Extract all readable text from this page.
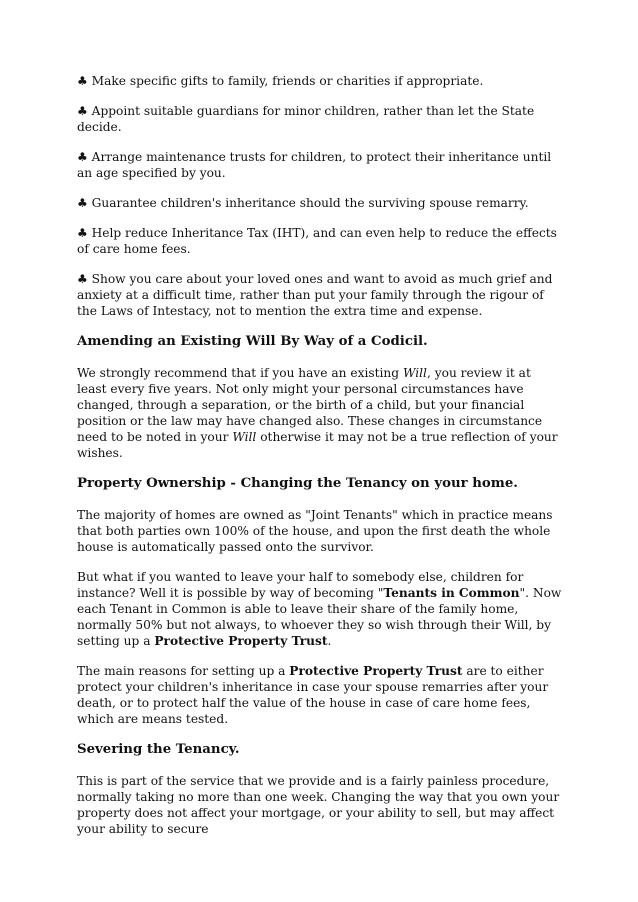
♣ Make specific gifts to family, friends or charities if appropriate.

♣ Appoint suitable guardians for minor children, rather than let the State decide.

♣ Arrange maintenance trusts for children, to protect their inheritance until an age specified by you.

♣ Guarantee children's inheritance should the surviving spouse remarry.

♣ Help reduce Inheritance Tax (IHT), and can even help to reduce the effects of care home fees.

♣ Show you care about your loved ones and want to avoid as much grief and anxiety at a difficult time, rather than put your family through the rigour of the Laws of Intestacy, not to mention the extra time and expense.

Amending an Existing Will By Way of a Codicil.

We strongly recommend that if you have an existing Will, you review it at least every five years. Not only might your personal circumstances have changed, through a separation, or the birth of a child, but your financial position or the law may have changed also. These changes in circumstance need to be noted in your Will otherwise it may not be a true reflection of your wishes.

Property Ownership - Changing the Tenancy on your home.

The majority of homes are owned as "Joint Tenants" which in practice means that both parties own 100% of the house, and upon the first death the whole house is automatically passed onto the survivor.

But what if you wanted to leave your half to somebody else, children for instance? Well it is possible by way of becoming "Tenants in Common". Now each Tenant in Common is able to leave their share of the family home, normally 50% but not always, to whoever they so wish through their Will, by setting up a Protective Property Trust.

The main reasons for setting up a Protective Property Trust are to either protect your children's inheritance in case your spouse remarries after your death, or to protect half the value of the house in case of care home fees, which are means tested.

Severing the Tenancy.

This is part of the service that we provide and is a fairly painless procedure, normally taking no more than one week. Changing the way that you own your property does not affect your mortgage, or your ability to sell, but may affect your ability to secure
